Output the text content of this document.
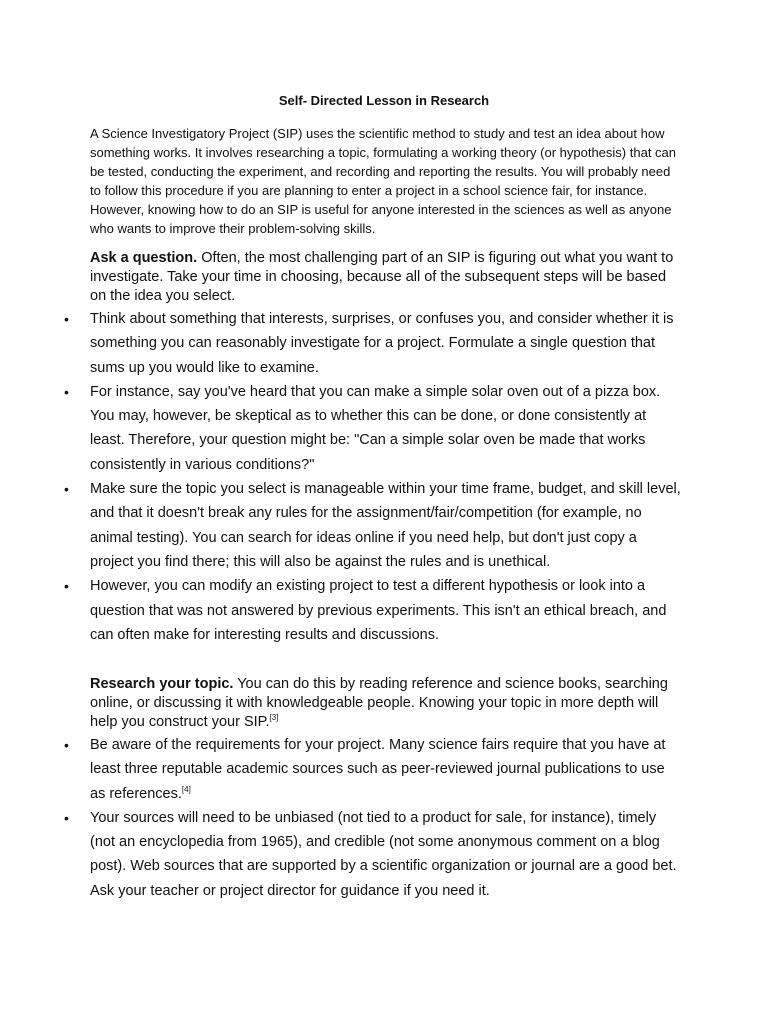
Self- Directed Lesson in Research

A Science Investigatory Project (SIP) uses the scientific method to study and test an idea about how something works. It involves researching a topic, formulating a working theory (or hypothesis) that can be tested, conducting the experiment, and recording and reporting the results. You will probably need to follow this procedure if you are planning to enter a project in a school science fair, for instance. However, knowing how to do an SIP is useful for anyone interested in the sciences as well as anyone who wants to improve their problem-solving skills.

Ask a question. Often, the most challenging part of an SIP is figuring out what you want to investigate. Take your time in choosing, because all of the subsequent steps will be based on the idea you select.

• Think about something that interests, surprises, or confuses you, and consider whether it is something you can reasonably investigate for a project. Formulate a single question that sums up you would like to examine.
• For instance, say you've heard that you can make a simple solar oven out of a pizza box. You may, however, be skeptical as to whether this can be done, or done consistently at least. Therefore, your question might be: "Can a simple solar oven be made that works consistently in various conditions?"
• Make sure the topic you select is manageable within your time frame, budget, and skill level, and that it doesn't break any rules for the assignment/fair/competition (for example, no animal testing). You can search for ideas online if you need help, but don't just copy a project you find there; this will also be against the rules and is unethical.
• However, you can modify an existing project to test a different hypothesis or look into a question that was not answered by previous experiments. This isn't an ethical breach, and can often make for interesting results and discussions.

Research your topic. You can do this by reading reference and science books, searching online, or discussing it with knowledgeable people. Knowing your topic in more depth will help you construct your SIP.[3]

• Be aware of the requirements for your project. Many science fairs require that you have at least three reputable academic sources such as peer-reviewed journal publications to use as references.[4]
• Your sources will need to be unbiased (not tied to a product for sale, for instance), timely (not an encyclopedia from 1965), and credible (not some anonymous comment on a blog post). Web sources that are supported by a scientific organization or journal are a good bet. Ask your teacher or project director for guidance if you need it.
